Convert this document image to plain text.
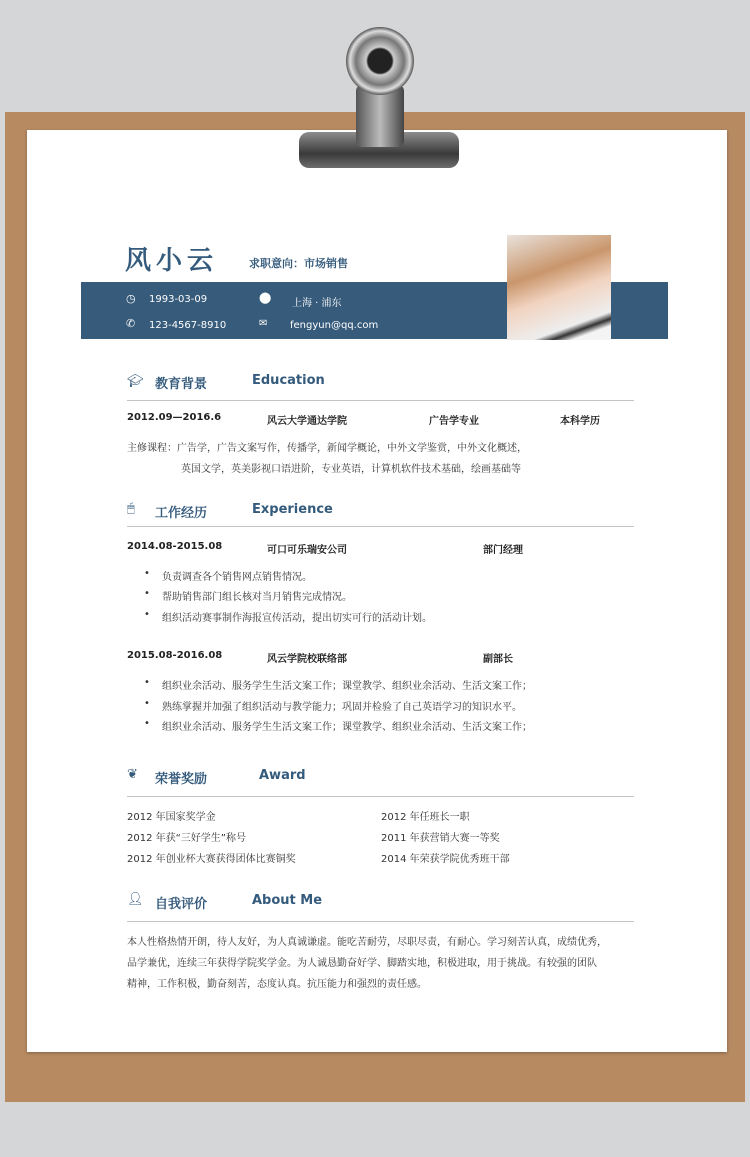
风小云	求职意向：市场销售
◷ 1993-03-09	⬤ 上海 · 浦东
✆ 123-4567-8910	✉ fengyun@qq.com
🎓︎ 教育背景	Education
2012.09—2016.6	风云大学通达学院	广告学专业	本科学历
主修课程：广告学，广告文案写作，传播学，新闻学概论，中外文学鉴赏，中外文化概述，
英国文学，英美影视口语进阶，专业英语，计算机软件技术基础，绘画基础等
🖱︎ 工作经历	Experience
2014.08-2015.08	可口可乐瑞安公司	部门经理
• 负责调查各个销售网点销售情况。
• 帮助销售部门组长核对当月销售完成情况。
• 组织活动赛事制作海报宣传活动，提出切实可行的活动计划。
2015.08-2016.08	风云学院校联络部	副部长
• 组织业余活动、服务学生生活文案工作；课堂教学、组织业余活动、生活文案工作；
• 熟练掌握并加强了组织活动与教学能力；巩固并检验了自己英语学习的知识水平。
• 组织业余活动、服务学生生活文案工作；课堂教学、组织业余活动、生活文案工作；
❦ 荣誉奖励	Award
2012 年国家奖学金	2012 年任班长一职
2012 年获“三好学生”称号	2011 年获营销大赛一等奖
2012 年创业杯大赛获得团体比赛铜奖	2014 年荣获学院优秀班干部
👤︎ 自我评价	About Me
本人性格热情开朗，待人友好，为人真诚谦虚。能吃苦耐劳，尽职尽责，有耐心。学习刻苦认真，成绩优秀，
品学兼优，连续三年获得学院奖学金。为人诚恳勤奋好学、脚踏实地，积极进取，用于挑战。有较强的团队
精神，工作积极，勤奋刻苦，态度认真。抗压能力和强烈的责任感。
